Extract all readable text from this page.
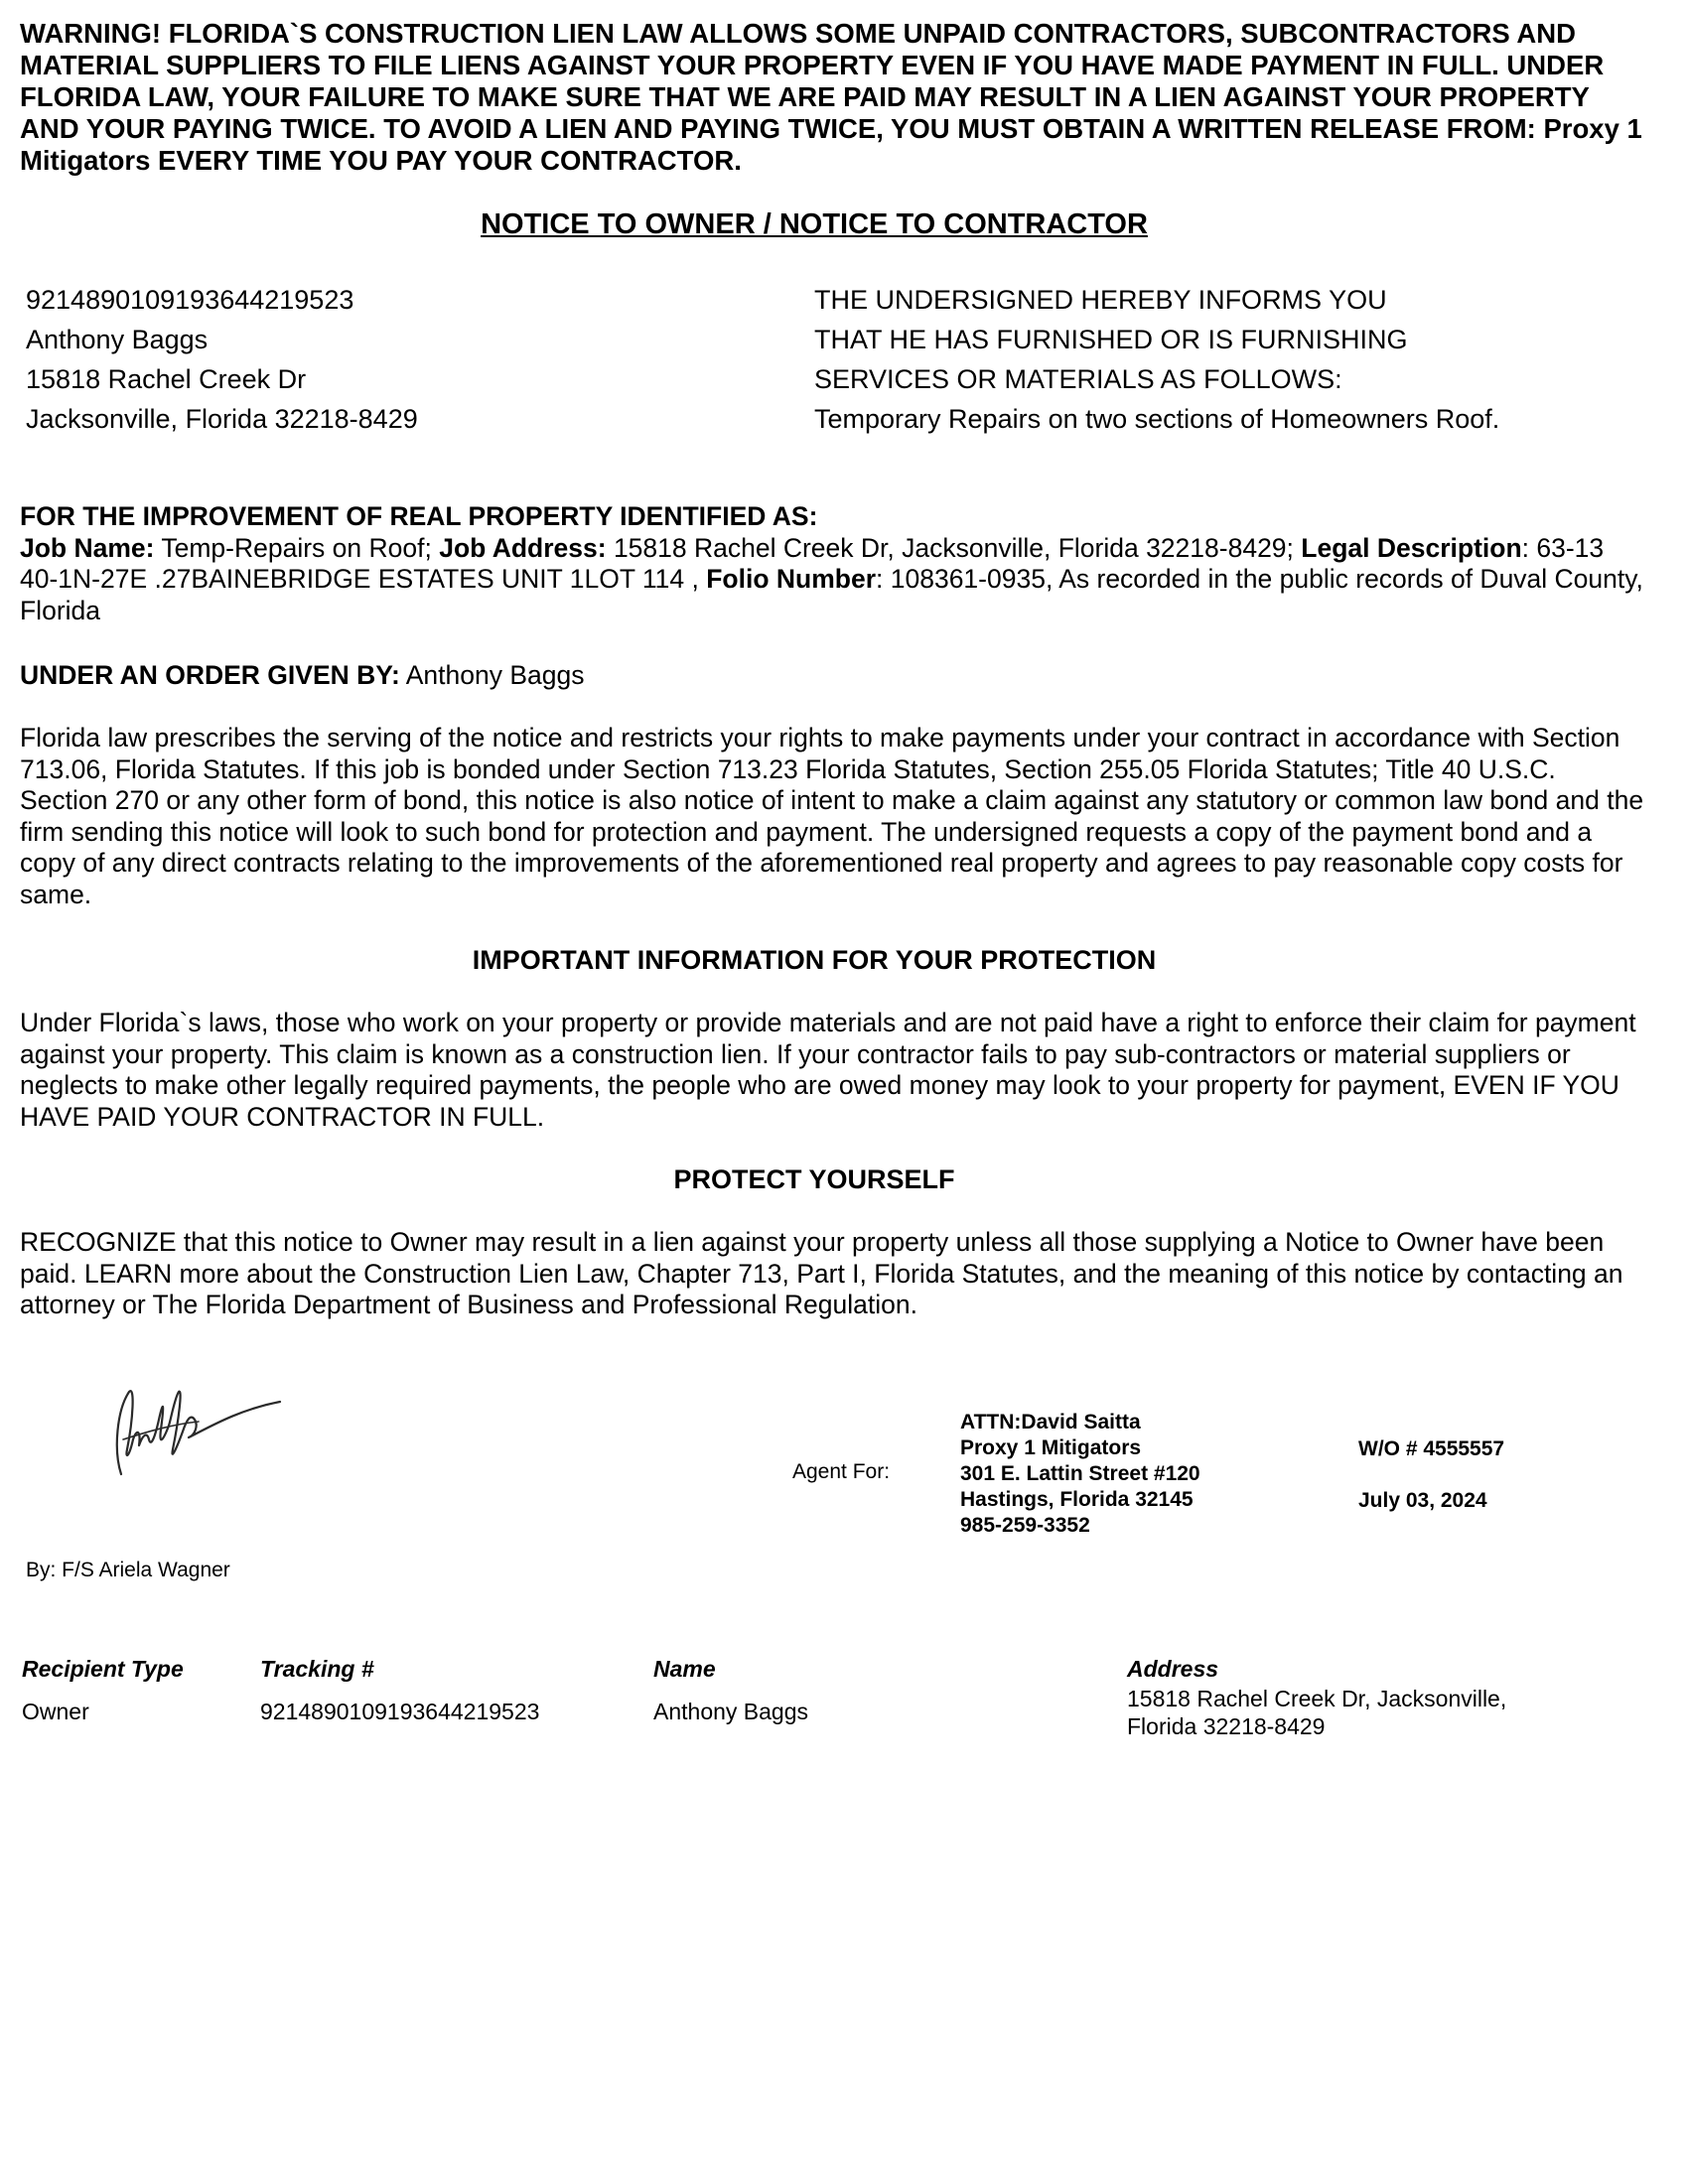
WARNING! FLORIDA`S CONSTRUCTION LIEN LAW ALLOWS SOME UNPAID CONTRACTORS, SUBCONTRACTORS AND MATERIAL SUPPLIERS TO FILE LIENS AGAINST YOUR PROPERTY EVEN IF YOU HAVE MADE PAYMENT IN FULL. UNDER FLORIDA LAW, YOUR FAILURE TO MAKE SURE THAT WE ARE PAID MAY RESULT IN A LIEN AGAINST YOUR PROPERTY AND YOUR PAYING TWICE. TO AVOID A LIEN AND PAYING TWICE, YOU MUST OBTAIN A WRITTEN RELEASE FROM: Proxy 1 Mitigators EVERY TIME YOU PAY YOUR CONTRACTOR.

NOTICE TO OWNER / NOTICE TO CONTRACTOR
9214890109193644219523
Anthony Baggs
15818 Rachel Creek Dr
Jacksonville, Florida 32218-8429
THE UNDERSIGNED HEREBY INFORMS YOU
THAT HE HAS FURNISHED OR IS FURNISHING
SERVICES OR MATERIALS AS FOLLOWS:
Temporary Repairs on two sections of Homeowners Roof.

FOR THE IMPROVEMENT OF REAL PROPERTY IDENTIFIED AS:
Job Name: Temp-Repairs on Roof; Job Address: 15818 Rachel Creek Dr, Jacksonville, Florida 32218-8429; Legal Description: 63-13 40-1N-27E .27BAINEBRIDGE ESTATES UNIT 1LOT 114 , Folio Number: 108361-0935, As recorded in the public records of Duval County, Florida

UNDER AN ORDER GIVEN BY: Anthony Baggs

Florida law prescribes the serving of the notice and restricts your rights to make payments under your contract in accordance with Section 713.06, Florida Statutes. If this job is bonded under Section 713.23 Florida Statutes, Section 255.05 Florida Statutes; Title 40 U.S.C. Section 270 or any other form of bond, this notice is also notice of intent to make a claim against any statutory or common law bond and the firm sending this notice will look to such bond for protection and payment. The undersigned requests a copy of the payment bond and a copy of any direct contracts relating to the improvements of the aforementioned real property and agrees to pay reasonable copy costs for same.

IMPORTANT INFORMATION FOR YOUR PROTECTION

Under Florida`s laws, those who work on your property or provide materials and are not paid have a right to enforce their claim for payment against your property. This claim is known as a construction lien. If your contractor fails to pay sub-contractors or material suppliers or neglects to make other legally required payments, the people who are owed money may look to your property for payment, EVEN IF YOU HAVE PAID YOUR CONTRACTOR IN FULL.

PROTECT YOURSELF

RECOGNIZE that this notice to Owner may result in a lien against your property unless all those supplying a Notice to Owner have been paid. LEARN more about the Construction Lien Law, Chapter 713, Part I, Florida Statutes, and the meaning of this notice by contacting an attorney or The Florida Department of Business and Professional Regulation.

Agent For:
ATTN:David Saitta
Proxy 1 Mitigators
301 E. Lattin Street #120
Hastings, Florida 32145
985-259-3352
W/O # 4555557
July 03, 2024
By: F/S Ariela Wagner
Recipient Type	Tracking #	Name	Address
Owner	9214890109193644219523	Anthony Baggs	15818 Rachel Creek Dr, Jacksonville,
Florida 32218-8429
